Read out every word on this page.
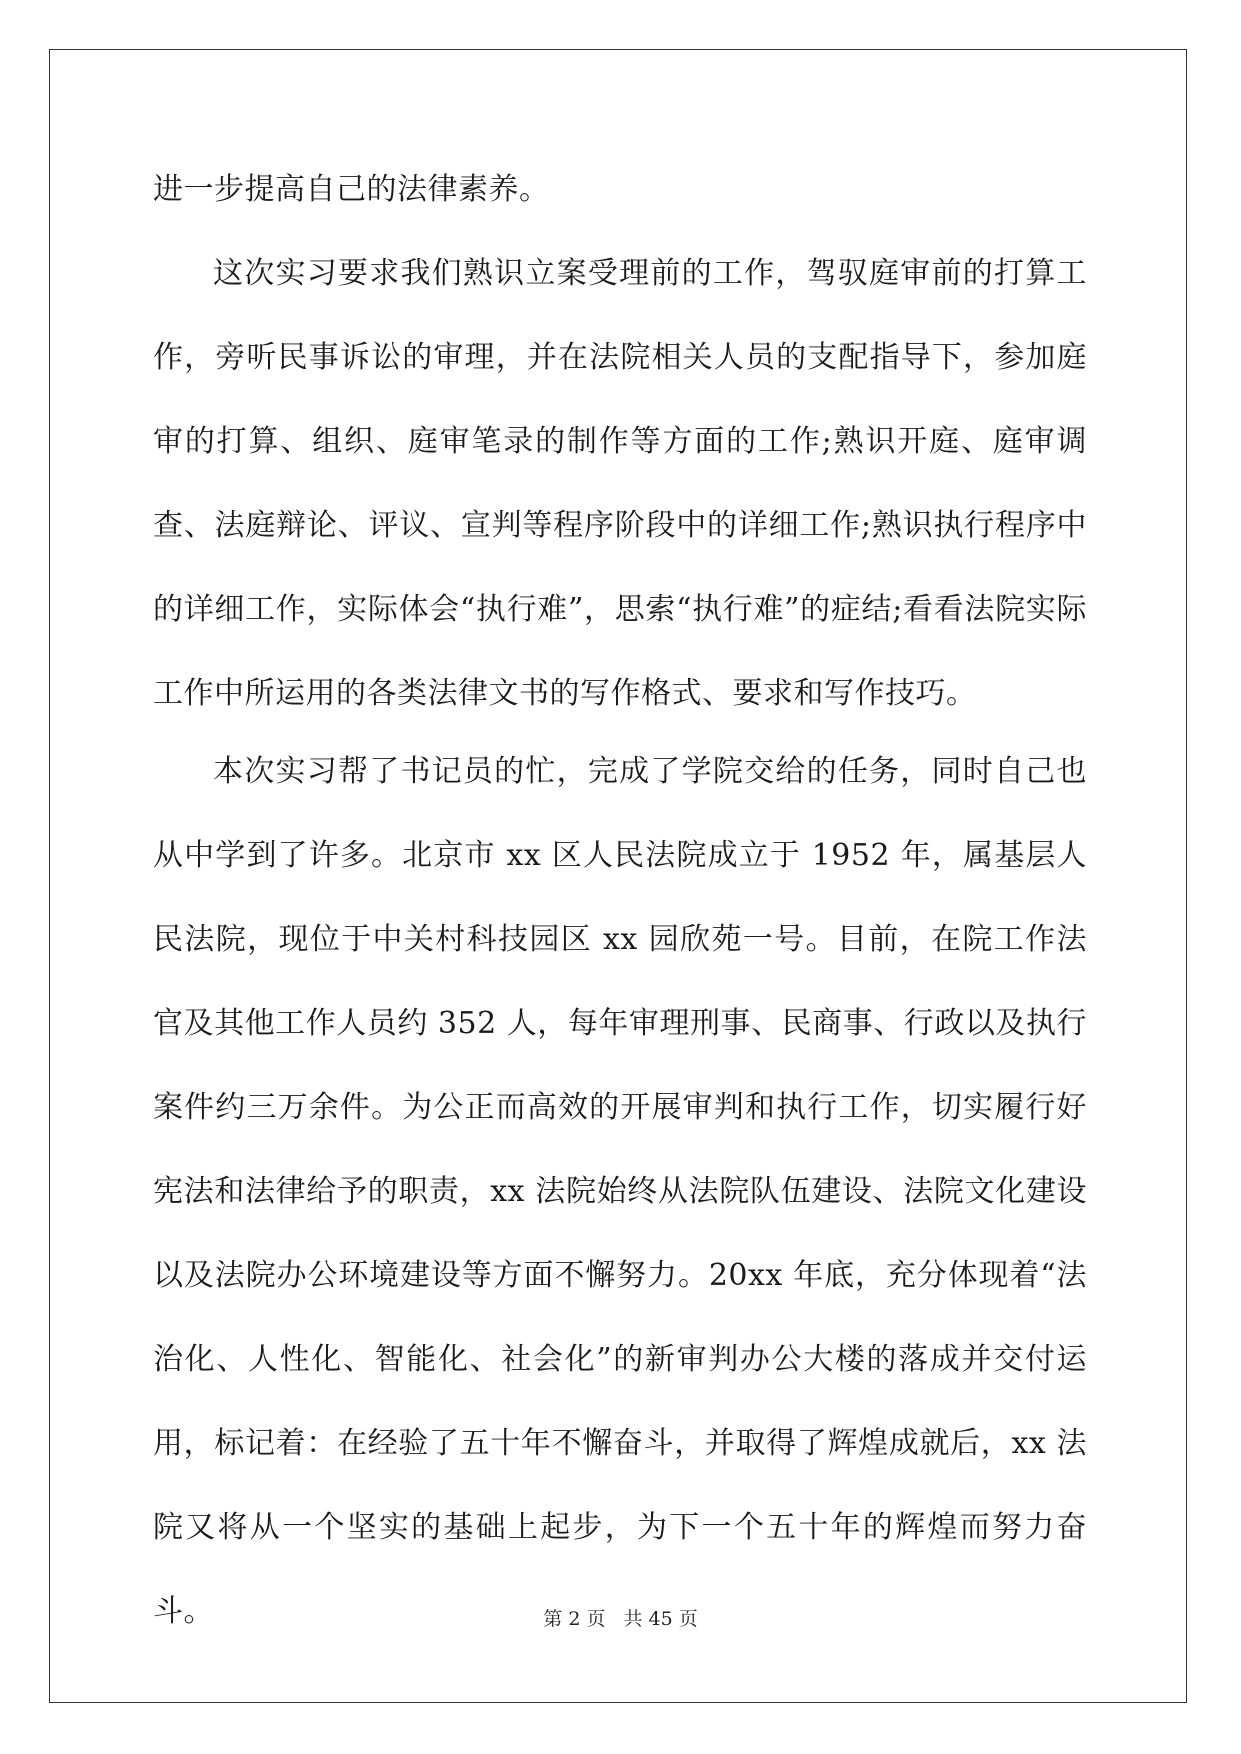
进一步提高自己的法律素养。

这次实习要求我们熟识立案受理前的工作，驾驭庭审前的打算工作，旁听民事诉讼的审理，并在法院相关人员的支配指导下，参加庭审的打算、组织、庭审笔录的制作等方面的工作;熟识开庭、庭审调查、法庭辩论、评议、宣判等程序阶段中的详细工作;熟识执行程序中的详细工作，实际体会“执行难”，思索“执行难”的症结;看看法院实际工作中所运用的各类法律文书的写作格式、要求和写作技巧。

本次实习帮了书记员的忙，完成了学院交给的任务，同时自己也从中学到了许多。北京市 xx 区人民法院成立于 1952 年，属基层人民法院，现位于中关村科技园区 xx 园欣苑一号。目前，在院工作法官及其他工作人员约 352 人，每年审理刑事、民商事、行政以及执行案件约三万余件。为公正而高效的开展审判和执行工作，切实履行好宪法和法律给予的职责，xx 法院始终从法院队伍建设、法院文化建设以及法院办公环境建设等方面不懈努力。20xx 年底，充分体现着“法治化、人性化、智能化、社会化”的新审判办公大楼的落成并交付运用，标记着：在经验了五十年不懈奋斗，并取得了辉煌成就后，xx 法院又将从一个坚实的基础上起步，为下一个五十年的辉煌而努力奋斗。	第 2 页 共 45 页
